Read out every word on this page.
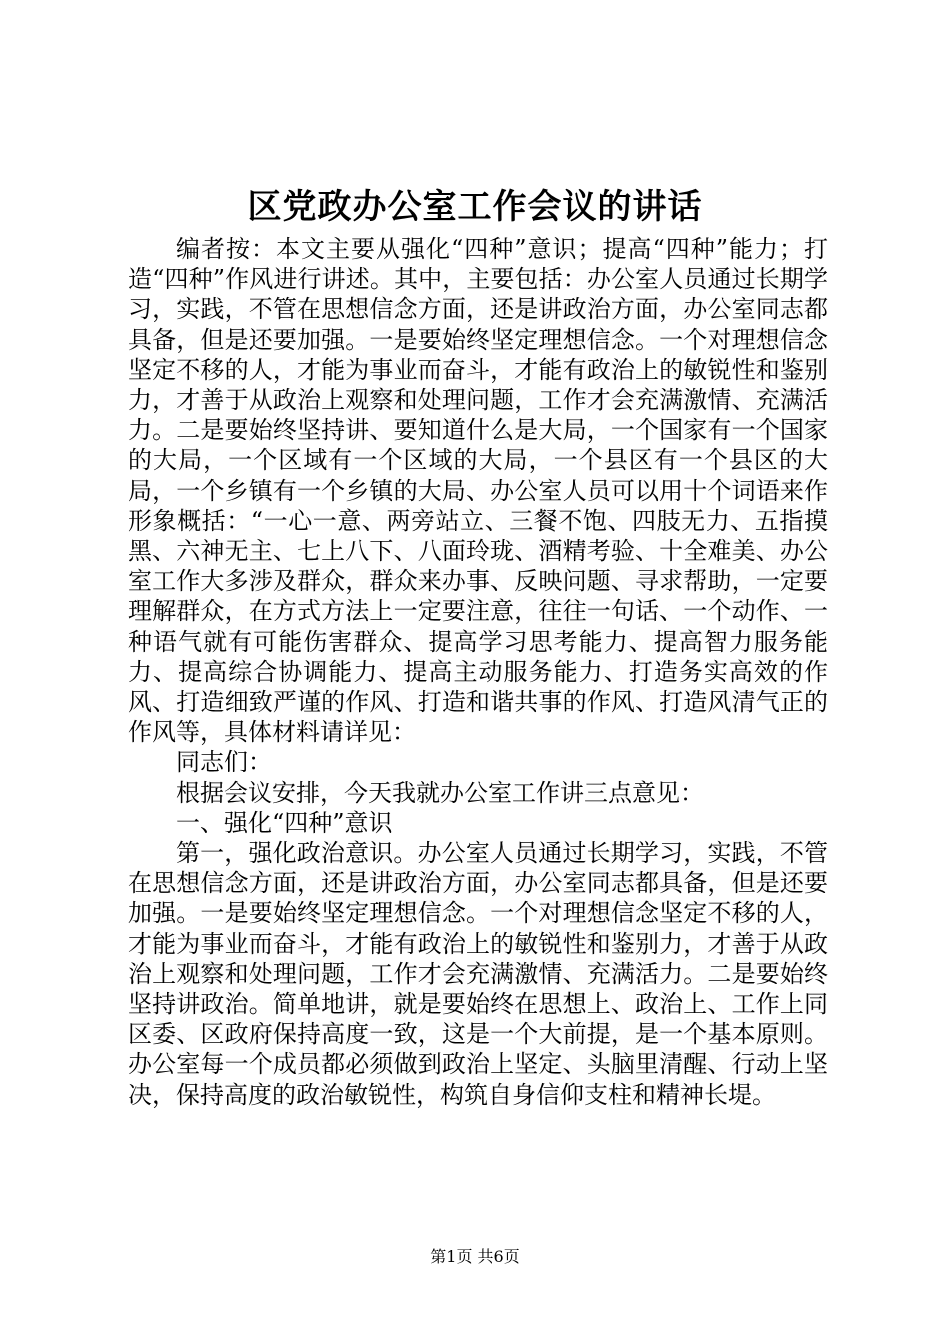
区党政办公室工作会议的讲话

编者按：本文主要从强化“四种”意识；提高“四种”能力；打造“四种”作风进行讲述。其中，主要包括：办公室人员通过长期学习，实践，不管在思想信念方面，还是讲政治方面，办公室同志都具备，但是还要加强。一是要始终坚定理想信念。一个对理想信念坚定不移的人，才能为事业而奋斗，才能有政治上的敏锐性和鉴别力，才善于从政治上观察和处理问题，工作才会充满激情、充满活力。二是要始终坚持讲、要知道什么是大局，一个国家有一个国家的大局，一个区域有一个区域的大局，一个县区有一个县区的大局，一个乡镇有一个乡镇的大局、办公室人员可以用十个词语来作形象概括：“一心一意、两旁站立、三餐不饱、四肢无力、五指摸黑、六神无主、七上八下、八面玲珑、酒精考验、十全难美、办公室工作大多涉及群众，群众来办事、反映问题、寻求帮助，一定要理解群众，在方式方法上一定要注意，往往一句话、一个动作、一种语气就有可能伤害群众、提高学习思考能力、提高智力服务能力、提高综合协调能力、提高主动服务能力、打造务实高效的作风、打造细致严谨的作风、打造和谐共事的作风、打造风清气正的作风等，具体材料请详见：

同志们：

根据会议安排，今天我就办公室工作讲三点意见：

一、强化“四种”意识

第一，强化政治意识。办公室人员通过长期学习，实践，不管在思想信念方面，还是讲政治方面，办公室同志都具备，但是还要加强。一是要始终坚定理想信念。一个对理想信念坚定不移的人，才能为事业而奋斗，才能有政治上的敏锐性和鉴别力，才善于从政治上观察和处理问题，工作才会充满激情、充满活力。二是要始终坚持讲政治。简单地讲，就是要始终在思想上、政治上、工作上同区委、区政府保持高度一致，这是一个大前提，是一个基本原则。办公室每一个成员都必须做到政治上坚定、头脑里清醒、行动上坚决，保持高度的政治敏锐性，构筑自身信仰支柱和精神长堤。

第1页 共6页
